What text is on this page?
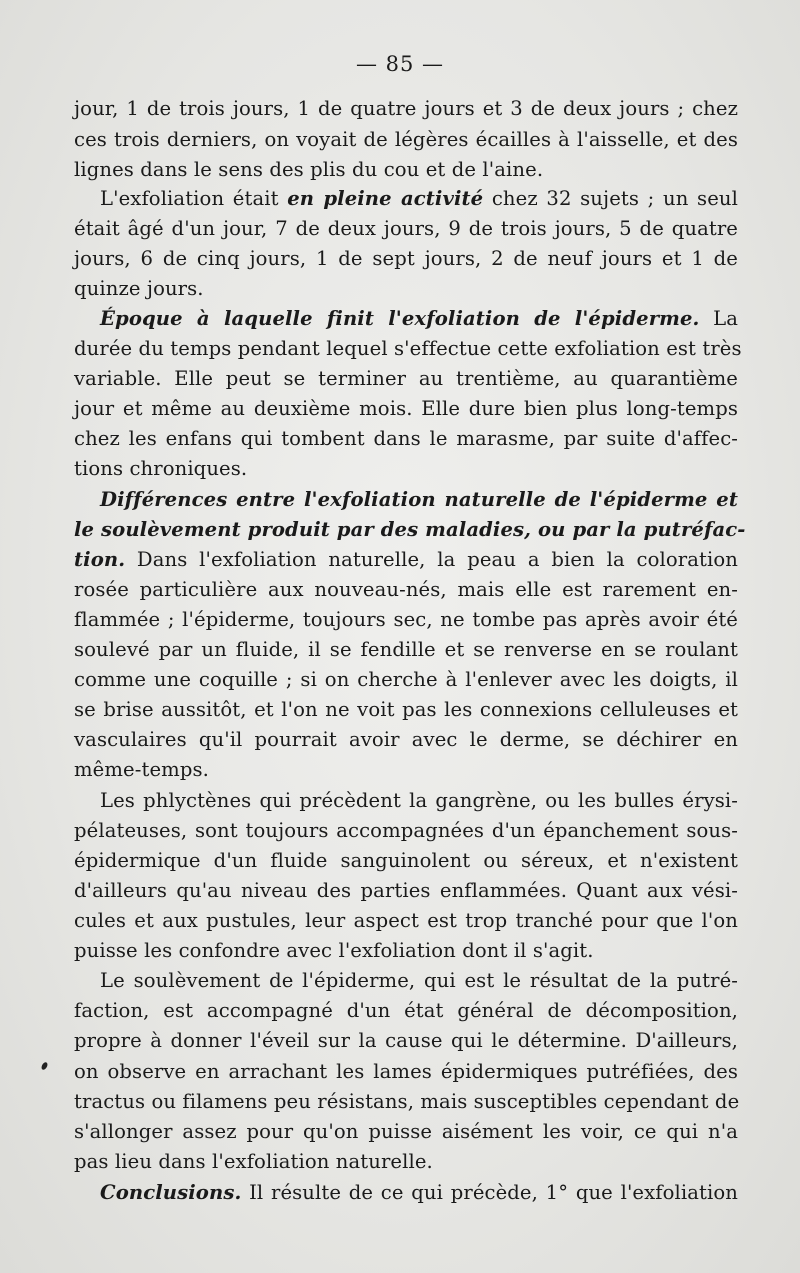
— 85 —
jour, 1 de trois jours, 1 de quatre jours et 3 de deux jours ; chez
ces trois derniers, on voyait de légères écailles à l'aisselle, et des
lignes dans le sens des plis du cou et de l'aine.
L'exfoliation était en pleine activité chez 32 sujets ; un seul
était âgé d'un jour, 7 de deux jours, 9 de trois jours, 5 de quatre
jours, 6 de cinq jours, 1 de sept jours, 2 de neuf jours et 1 de
quinze jours.
Époque à laquelle finit l'exfoliation de l'épiderme. La
durée du temps pendant lequel s'effectue cette exfoliation est très
variable. Elle peut se terminer au trentième, au quarantième
jour et même au deuxième mois. Elle dure bien plus long-temps
chez les enfans qui tombent dans le marasme, par suite d'affec-
tions chroniques.
Différences entre l'exfoliation naturelle de l'épiderme et
le soulèvement produit par des maladies, ou par la putréfac-
tion. Dans l'exfoliation naturelle, la peau a bien la coloration
rosée particulière aux nouveau-nés, mais elle est rarement en-
flammée ; l'épiderme, toujours sec, ne tombe pas après avoir été
soulevé par un fluide, il se fendille et se renverse en se roulant
comme une coquille ; si on cherche à l'enlever avec les doigts, il
se brise aussitôt, et l'on ne voit pas les connexions celluleuses et
vasculaires qu'il pourrait avoir avec le derme, se déchirer en
même-temps.
Les phlyctènes qui précèdent la gangrène, ou les bulles érysi-
pélateuses, sont toujours accompagnées d'un épanchement sous-
épidermique d'un fluide sanguinolent ou séreux, et n'existent
d'ailleurs qu'au niveau des parties enflammées. Quant aux vési-
cules et aux pustules, leur aspect est trop tranché pour que l'on
puisse les confondre avec l'exfoliation dont il s'agit.
Le soulèvement de l'épiderme, qui est le résultat de la putré-
faction, est accompagné d'un état général de décomposition,
propre à donner l'éveil sur la cause qui le détermine. D'ailleurs,
on observe en arrachant les lames épidermiques putréfiées, des
tractus ou filamens peu résistans, mais susceptibles cependant de
s'allonger assez pour qu'on puisse aisément les voir, ce qui n'a
pas lieu dans l'exfoliation naturelle.
Conclusions. Il résulte de ce qui précède, 1° que l'exfoliation
